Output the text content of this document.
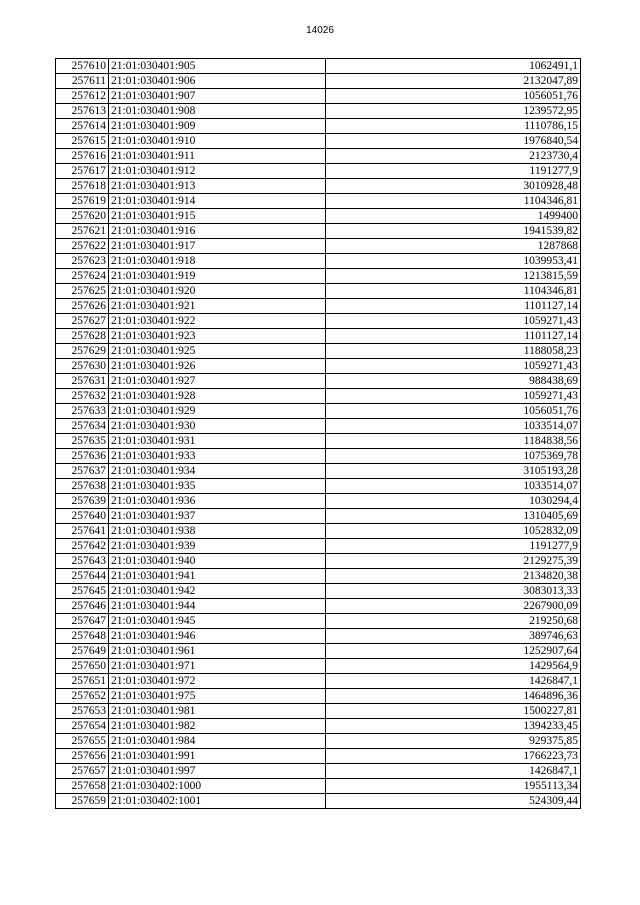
14026
257610	21:01:030401:905	1062491,1
257611	21:01:030401:906	2132047,89
257612	21:01:030401:907	1056051,76
257613	21:01:030401:908	1239572,95
257614	21:01:030401:909	1110786,15
257615	21:01:030401:910	1976840,54
257616	21:01:030401:911	2123730,4
257617	21:01:030401:912	1191277,9
257618	21:01:030401:913	3010928,48
257619	21:01:030401:914	1104346,81
257620	21:01:030401:915	1499400
257621	21:01:030401:916	1941539,82
257622	21:01:030401:917	1287868
257623	21:01:030401:918	1039953,41
257624	21:01:030401:919	1213815,59
257625	21:01:030401:920	1104346,81
257626	21:01:030401:921	1101127,14
257627	21:01:030401:922	1059271,43
257628	21:01:030401:923	1101127,14
257629	21:01:030401:925	1188058,23
257630	21:01:030401:926	1059271,43
257631	21:01:030401:927	988438,69
257632	21:01:030401:928	1059271,43
257633	21:01:030401:929	1056051,76
257634	21:01:030401:930	1033514,07
257635	21:01:030401:931	1184838,56
257636	21:01:030401:933	1075369,78
257637	21:01:030401:934	3105193,28
257638	21:01:030401:935	1033514,07
257639	21:01:030401:936	1030294,4
257640	21:01:030401:937	1310405,69
257641	21:01:030401:938	1052832,09
257642	21:01:030401:939	1191277,9
257643	21:01:030401:940	2129275,39
257644	21:01:030401:941	2134820,38
257645	21:01:030401:942	3083013,33
257646	21:01:030401:944	2267900,09
257647	21:01:030401:945	219250,68
257648	21:01:030401:946	389746,63
257649	21:01:030401:961	1252907,64
257650	21:01:030401:971	1429564,9
257651	21:01:030401:972	1426847,1
257652	21:01:030401:975	1464896,36
257653	21:01:030401:981	1500227,81
257654	21:01:030401:982	1394233,45
257655	21:01:030401:984	929375,85
257656	21:01:030401:991	1766223,73
257657	21:01:030401:997	1426847,1
257658	21:01:030402:1000	1955113,34
257659	21:01:030402:1001	524309,44
